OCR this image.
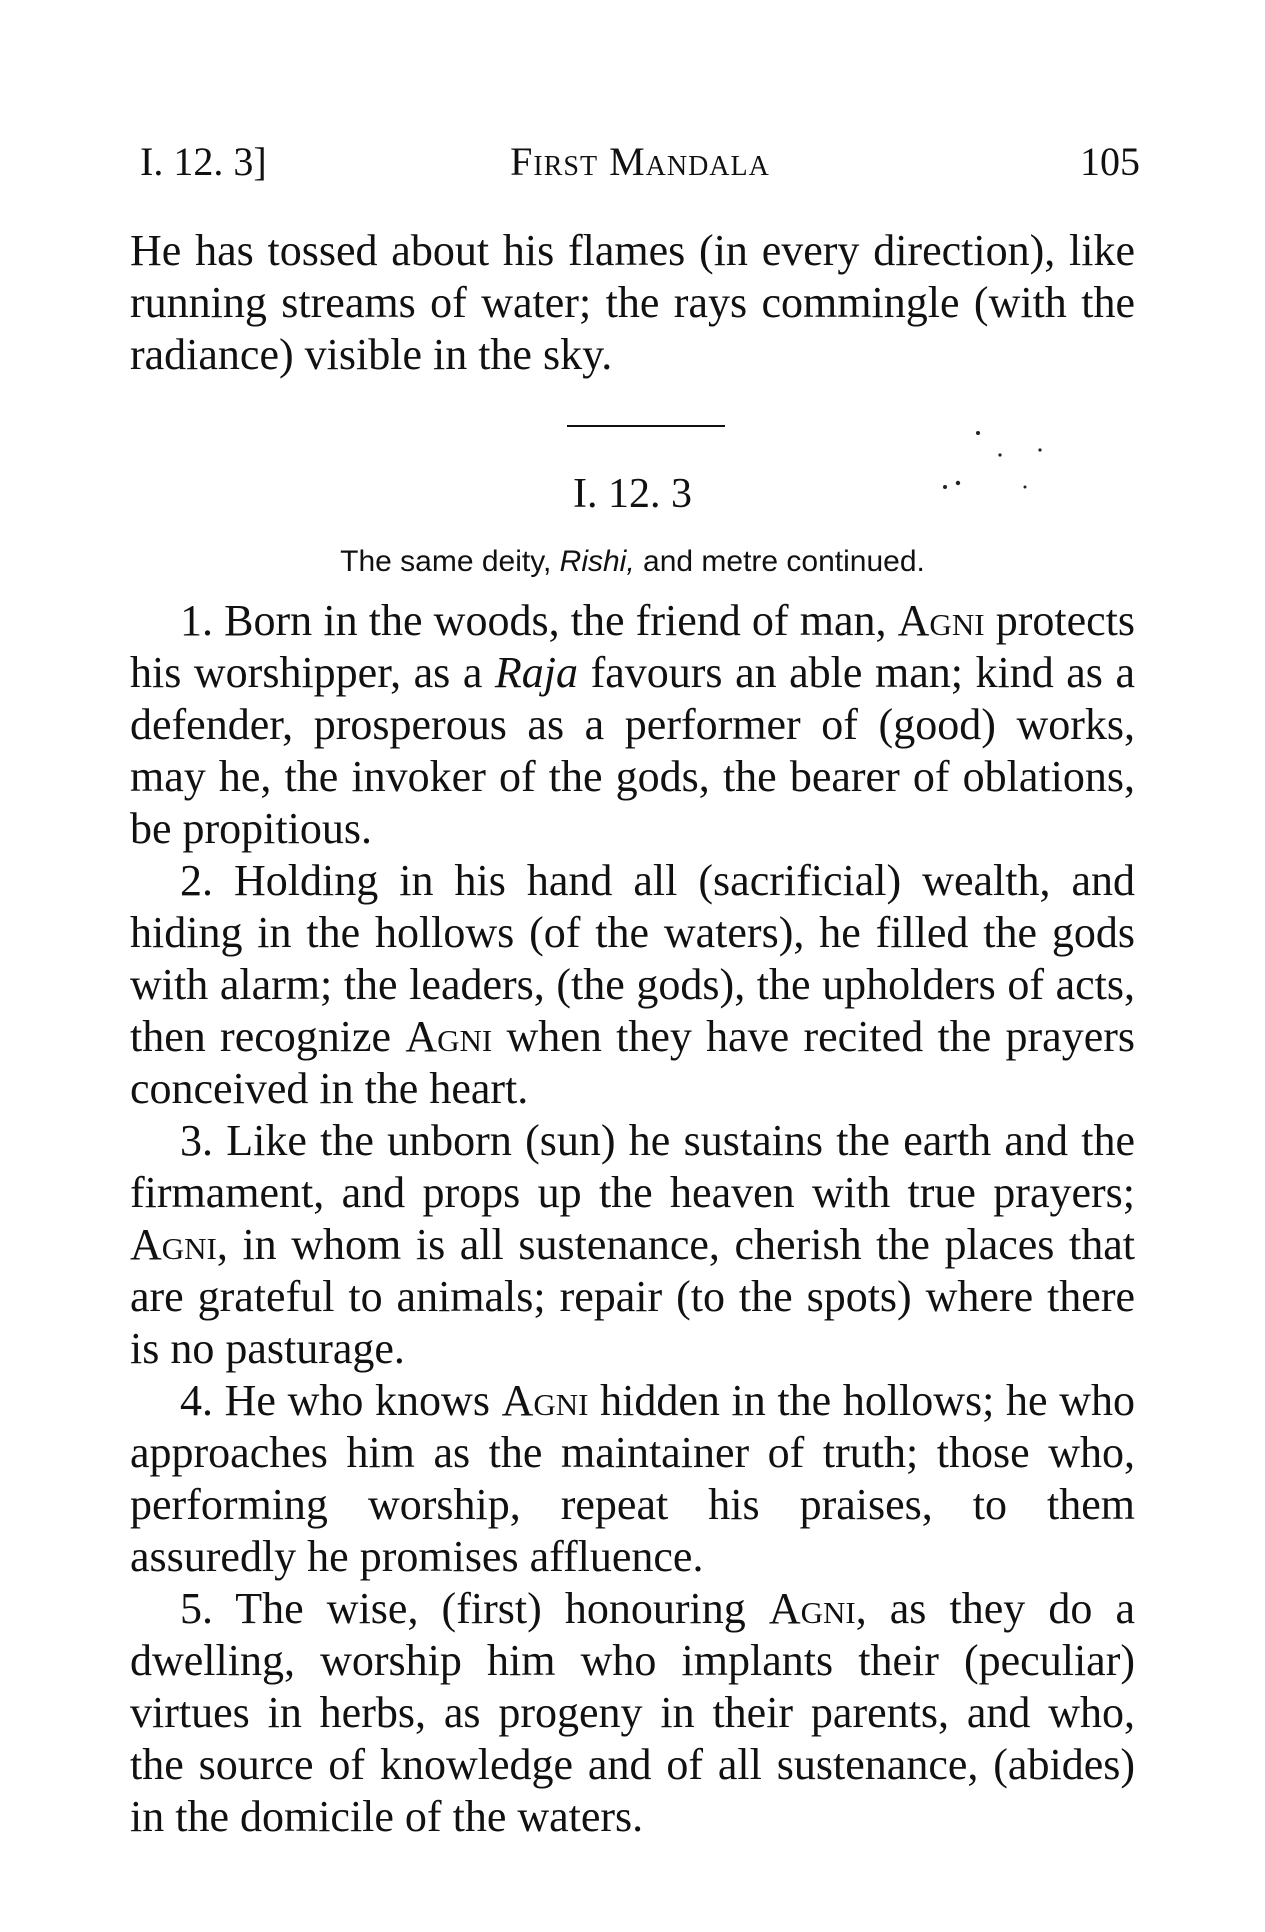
I. 12. 3]	First Mandala	105
He has tossed about his flames (in every direction), like running streams of water; the rays commingle (with the radiance) visible in the sky.
I. 12. 3
The same deity, Rishi, and metre continued.

1. Born in the woods, the friend of man, Agni protects his worshipper, as a Raja favours an able man; kind as a defender, prosperous as a performer of (good) works, may he, the invoker of the gods, the bearer of oblations, be propitious.

2. Holding in his hand all (sacrificial) wealth, and hiding in the hollows (of the waters), he filled the gods with alarm; the leaders, (the gods), the upholders of acts, then recognize Agni when they have recited the prayers conceived in the heart.

3. Like the unborn (sun) he sustains the earth and the firmament, and props up the heaven with true prayers; Agni, in whom is all sustenance, cherish the places that are grateful to animals; repair (to the spots) where there is no pasturage.

4. He who knows Agni hidden in the hollows; he who approaches him as the maintainer of truth; those who, performing worship, repeat his praises, to them assuredly he promises affluence.

5. The wise, (first) honouring Agni, as they do a dwelling, worship him who implants their (peculiar) virtues in herbs, as progeny in their parents, and who, the source of knowledge and of all sustenance, (abides) in the domicile of the waters.
